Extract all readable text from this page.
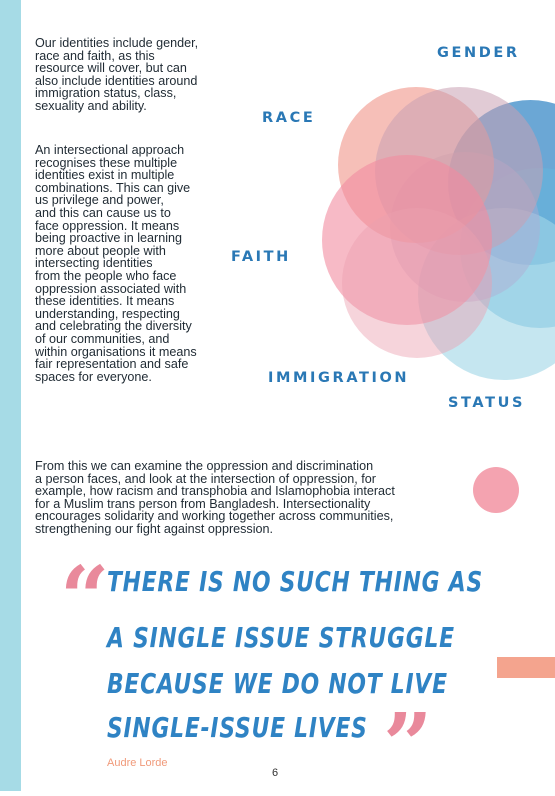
Our identities include gender,
race and faith, as this
resource will cover, but can
also include identities around
immigration status, class,
sexuality and ability.

An intersectional approach
recognises these multiple
identities exist in multiple
combinations. This can give
us privilege and power,
and this can cause us to
face oppression. It means
being proactive in learning
more about people with
intersecting identities
from the people who face
oppression associated with
these identities. It means
understanding, respecting
and celebrating the diversity
of our communities, and
within organisations it means
fair representation and safe
spaces for everyone.

From this we can examine the oppression and discrimination
a person faces, and look at the intersection of oppression, for
example, how racism and transphobia and Islamophobia interact
for a Muslim trans person from Bangladesh. Intersectionality
encourages solidarity and working together across communities,
strengthening our fight against oppression.

GENDER

RACE

FAITH

IMMIGRATION

STATUS

“

THERE IS NO SUCH THING AS

A SINGLE ISSUE STRUGGLE

BECAUSE WE DO NOT LIVE

SINGLE-ISSUE LIVES ”

Audre Lorde

6
